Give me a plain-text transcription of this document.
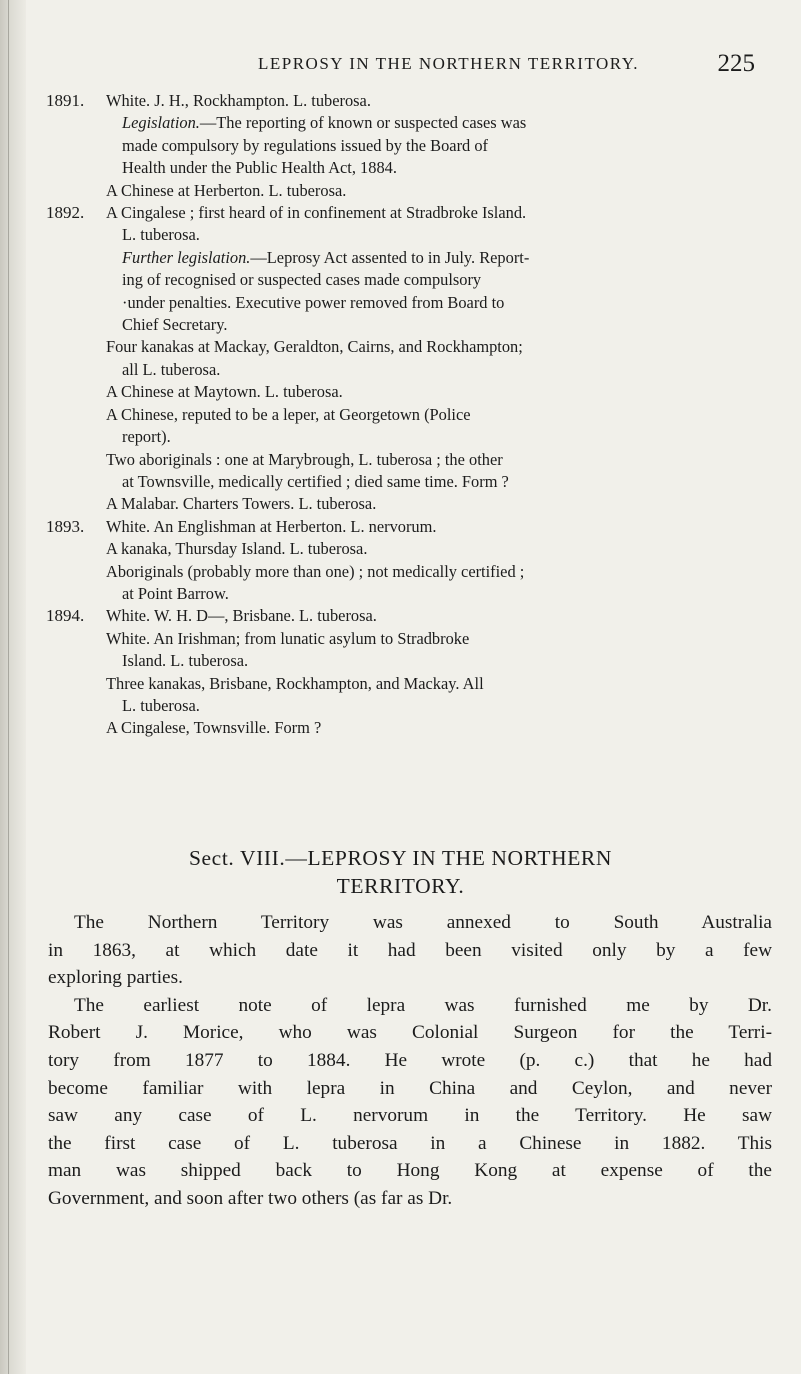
LEPROSY IN THE NORTHERN TERRITORY.	225
1891.	White. J. H., Rockhampton. L. tuberosa.
Legislation.—The reporting of known or suspected cases was
made compulsory by regulations issued by the Board of
Health under the Public Health Act, 1884.
A Chinese at Herberton. L. tuberosa.
1892.	A Cingalese ; first heard of in confinement at Stradbroke Island.
L. tuberosa.
Further legislation.—Leprosy Act assented to in July. Report-
ing of recognised or suspected cases made compulsory
·under penalties. Executive power removed from Board to
Chief Secretary.
Four kanakas at Mackay, Geraldton, Cairns, and Rockhampton;
all L. tuberosa.
A Chinese at Maytown. L. tuberosa.
A Chinese, reputed to be a leper, at Georgetown (Police
report).
Two aboriginals : one at Marybrough, L. tuberosa ; the other
at Townsville, medically certified ; died same time. Form ?
A Malabar. Charters Towers. L. tuberosa.
1893.	White. An Englishman at Herberton. L. nervorum.
A kanaka, Thursday Island. L. tuberosa.
Aboriginals (probably more than one) ; not medically certified ;
at Point Barrow.
1894.	White. W. H. D—, Brisbane. L. tuberosa.
White. An Irishman; from lunatic asylum to Stradbroke
Island. L. tuberosa.
Three kanakas, Brisbane, Rockhampton, and Mackay. All
L. tuberosa.
A Cingalese, Townsville. Form ?
Sect. VIII.—LEPROSY IN THE NORTHERN
TERRITORY.

The Northern Territory was annexed to South Australia
in 1863, at which date it had been visited only by a few
exploring parties.

The earliest note of lepra was furnished me by Dr.
Robert J. Morice, who was Colonial Surgeon for the Terri-
tory from 1877 to 1884. He wrote (p. c.) that he had
become familiar with lepra in China and Ceylon, and never
saw any case of L. nervorum in the Territory. He saw
the first case of L. tuberosa in a Chinese in 1882. This
man was shipped back to Hong Kong at expense of the
Government, and soon after two others (as far as Dr.
